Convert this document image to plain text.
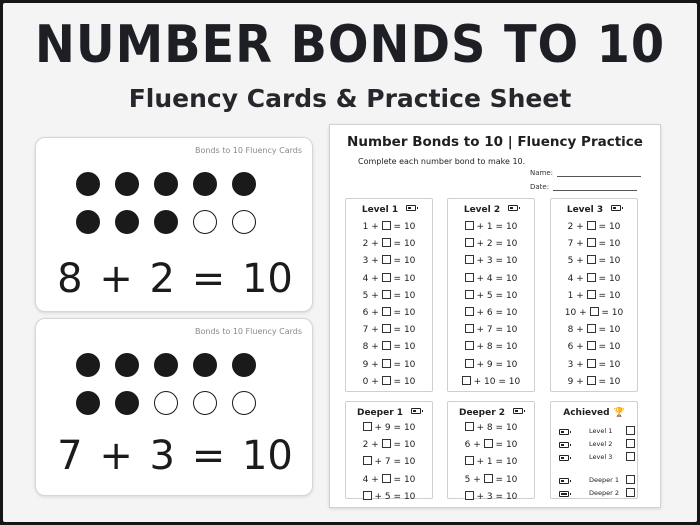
NUMBER BONDS TO 10
Fluency Cards & Practice Sheet
Bonds to 10 Fluency Cards
8 + 2 = 10
Bonds to 10 Fluency Cards
7 + 3 = 10
Number Bonds to 10 | Fluency Practice
Complete each number bond to make 10.
Name:
Date:
Level 1
1 + = 10
2 + = 10
3 + = 10
4 + = 10
5 + = 10
6 + = 10
7 + = 10
8 + = 10
9 + = 10
0 + = 10
Level 2
+ 1 = 10
+ 2 = 10
+ 3 = 10
+ 4 = 10
+ 5 = 10
+ 6 = 10
+ 7 = 10
+ 8 = 10
+ 9 = 10
+ 10 = 10
Level 3
2 + = 10
7 + = 10
5 + = 10
4 + = 10
1 + = 10
10 + = 10
8 + = 10
6 + = 10
3 + = 10
9 + = 10
Deeper 1
+ 9 = 10
2 + = 10
+ 7 = 10
4 + = 10
+ 5 = 10
Deeper 2
+ 8 = 10
6 + = 10
+ 1 = 10
5 + = 10
+ 3 = 10
Achieved 🏆
Level 1
Level 2
Level 3
Deeper 1
Deeper 2
